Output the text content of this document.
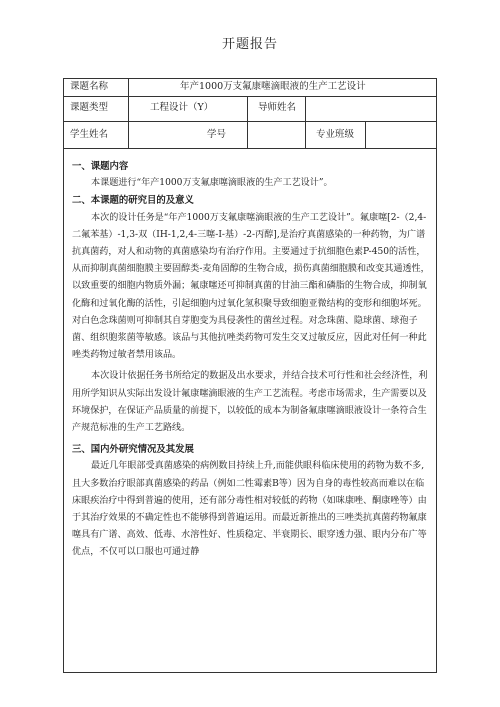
开题报告
课题名称	年产1000万支氟康噻滴眼液的生产工艺设计
课题类型	工程设计（Y）	导师姓名
学生姓名	学号	专业班级
一、课题内容

本课题进行“年产1000万支氟康噻滴眼液的生产工艺设计”。

二、本课题的研究目的及意义

本次的设计任务是“年产1000万支氟康噻滴眼液的生产工艺设计”。氟康噻[2-（2,4-二氟苯基）-1,3-双（IH-1,2,4-三噻-I-基）-2-丙醇],是治疗真菌感染的一种药物，为广谱抗真菌药，对人和动物的真菌感染均有治疗作用。主要通过于抗细胞色素P-450的活性，从而抑制真菌细胞膜主要固醇类-麦角固醇的生物合成，损伤真菌细胞膜和改变其通透性，以致重要的细胞内物质外漏；氟康噻还可抑制真菌的甘油三酯和磷脂的生物合成，抑制氧化酶和过氧化酶的活性，引起细胞内过氧化氢积聚导致细胞亚微结构的变形和细胞坏死。对白色念珠菌则可抑制其自芽胞变为具侵袭性的菌丝过程。对念珠菌、隐球菌、球孢子菌、组织胞浆菌等敏感。该品与其他抗唑类药物可发生交叉过敏反应，因此对任何一种此唑类药物过敏者禁用该品。

本次设计依据任务书所给定的数据及出水要求，并结合技术可行性和社会经济性，利用所学知识从实际出发设计氟康噻滴眼液的生产工艺流程。考虑市场需求，生产需要以及环境保护，在保证产品质量的前提下，以较低的成本为制备氟康噻滴眼液设计一条符合生产规范标准的生产工艺路线。

三、国内外研究情况及其发展

最近几年眼部受真菌感染的病例数目持续上升,而能供眼科临床使用的药物为数不多,且大多数治疗眼部真菌感染的药品（例如二性霉素B等）因为自身的毒性较高而难以在临床眼疾治疗中得到普遍的使用，还有部分毒性相对较低的药物（如咪康唑、酮康唑等）由于其治疗效果的不确定性也不能够得到普遍运用。而最近新推出的三唑类抗真菌药物氟康噻具有广谱、高效、低毒、水溶性好、性质稳定、半衰期长、眼穿透力强、眼内分布广等优点，不仅可以口服也可通过静
